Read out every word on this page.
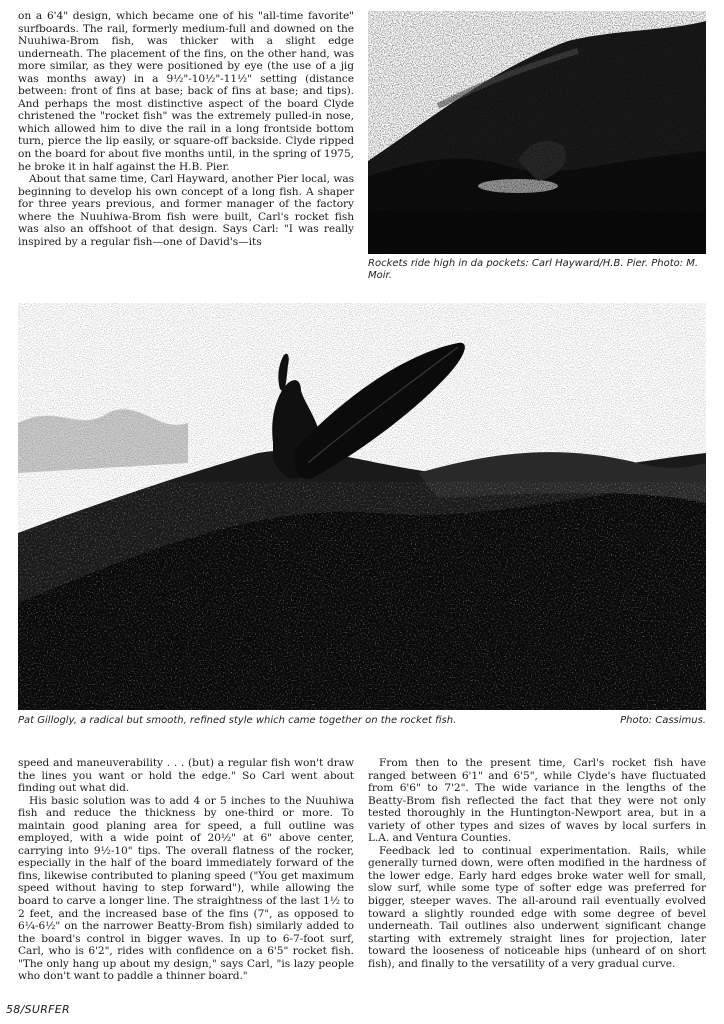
on a 6'4" design, which became one of his "all-time favorite" surfboards. The rail, formerly medium-full and downed on the Nuuhiwa-Brom fish, was thicker with a slight edge underneath. The placement of the fins, on the other hand, was more similar, as they were positioned by eye (the use of a jig was months away) in a 9½"-10½"-11½" setting (distance between: front of fins at base; back of fins at base; and tips). And perhaps the most distinctive aspect of the board Clyde christened the "rocket fish" was the extremely pulled-in nose, which allowed him to dive the rail in a long frontside bottom turn, pierce the lip easily, or square-off backside. Clyde ripped on the board for about five months until, in the spring of 1975, he broke it in half against the H.B. Pier.

About that same time, Carl Hayward, another Pier local, was beginning to develop his own concept of a long fish. A shaper for three years previous, and former manager of the factory where the Nuuhiwa-Brom fish were built, Carl's rocket fish was also an offshoot of that design. Says Carl: "I was really inspired by a regular fish—one of David's—its

Rockets ride high in da pockets: Carl Hayward/H.B. Pier. Photo: M. Moir.
Pat Gillogly, a radical but smooth, refined style which came together on the rocket fish.	Photo: Cassimus.

speed and maneuverability . . . (but) a regular fish won't draw the lines you want or hold the edge." So Carl went about finding out what did.

His basic solution was to add 4 or 5 inches to the Nuuhiwa fish and reduce the thickness by one-third or more. To maintain good planing area for speed, a full outline was employed, with a wide point of 20½" at 6" above center, carrying into 9½-10" tips. The overall flatness of the rocker, especially in the half of the board immediately forward of the fins, likewise contributed to planing speed ("You get maximum speed without having to step forward"), while allowing the board to carve a longer line. The straightness of the last 1½ to 2 feet, and the increased base of the fins (7", as opposed to 6¼-6½" on the narrower Beatty-Brom fish) similarly added to the board's control in bigger waves. In up to 6-7-foot surf, Carl, who is 6'2", rides with confidence on a 6'5" rocket fish. "The only hang up about my design," says Carl, "is lazy people who don't want to paddle a thinner board."

From then to the present time, Carl's rocket fish have ranged between 6'1" and 6'5", while Clyde's have fluctuated from 6'6" to 7'2". The wide variance in the lengths of the Beatty-Brom fish reflected the fact that they were not only tested thoroughly in the Huntington-Newport area, but in a variety of other types and sizes of waves by local surfers in L.A. and Ventura Counties.

Feedback led to continual experimentation. Rails, while generally turned down, were often modified in the hardness of the lower edge. Early hard edges broke water well for small, slow surf, while some type of softer edge was preferred for bigger, steeper waves. The all-around rail eventually evolved toward a slightly rounded edge with some degree of bevel underneath. Tail outlines also underwent significant change starting with extremely straight lines for projection, later toward the looseness of noticeable hips (unheard of on short fish), and finally to the versatility of a very gradual curve.

58/SURFER
